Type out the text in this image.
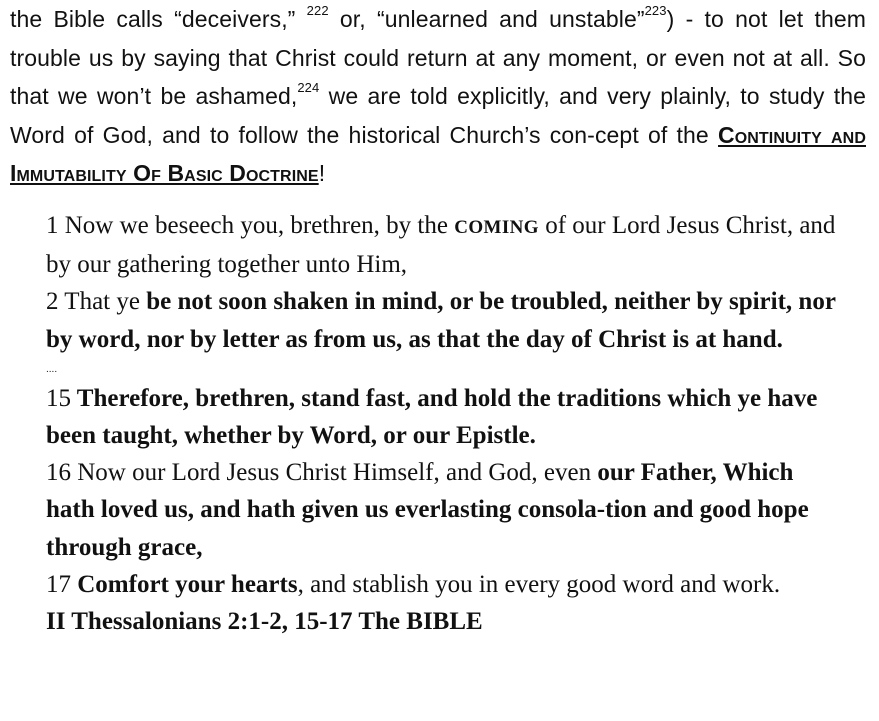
the Bible calls “deceivers,” $^{222}$ or, “unlearned and unstable”$^{223}$) - to not let them trouble us by saying that Christ could return at any moment, or even not at all. So that we won’t be ashamed,$^{224}$ we are told explicitly, and very plainly, to study the Word of God, and to follow the historical Church’s con-cept of the Continuity and Immutability Of Basic Doctrine!
1 Now we beseech you, brethren, by the COMING of our Lord Jesus Christ, and by our gathering together unto Him,
2 That ye be not soon shaken in mind, or be troubled, neither by spirit, nor by word, nor by letter as from us, as that the day of Christ is at hand.
....
15 Therefore, brethren, stand fast, and hold the traditions which ye have been taught, whether by Word, or our Epistle.
16 Now our Lord Jesus Christ Himself, and God, even our Father, Which hath loved us, and hath given us everlasting consola-tion and good hope through grace,
17 Comfort your hearts, and stablish you in every good word and work.
II Thessalonians 2:1-2, 15-17 The BIBLE
